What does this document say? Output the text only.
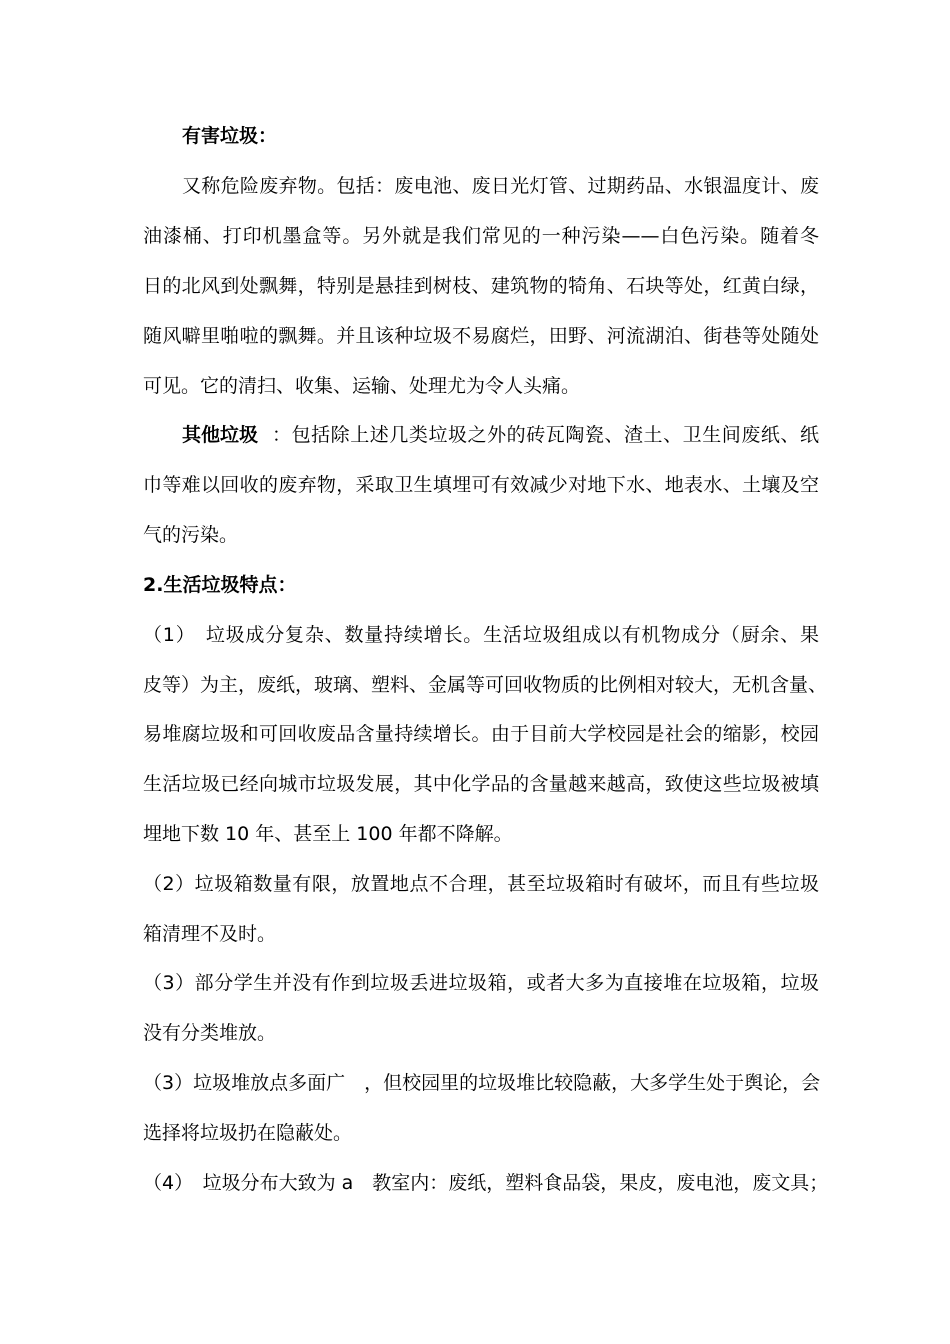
有害垃圾：
又称危险废弃物。包括：废电池、废日光灯管、过期药品、水银温度计、废
油漆桶、打印机墨盒等。另外就是我们常见的一种污染——白色污染。随着冬
日的北风到处飘舞，特别是悬挂到树枝、建筑物的犄角、石块等处，红黄白绿，
随风噼里啪啦的飘舞。并且该种垃圾不易腐烂，田野、河流湖泊、街巷等处随处
可见。它的清扫、收集、运输、处理尤为令人头痛。
其他垃圾 ：包括除上述几类垃圾之外的砖瓦陶瓷、渣土、卫生间废纸、纸
巾等难以回收的废弃物，采取卫生填埋可有效减少对地下水、地表水、土壤及空
气的污染。
2.生活垃圾特点：
（1）　垃圾成分复杂、数量持续增长。生活垃圾组成以有机物成分（厨余、果
皮等）为主，废纸，玻璃、塑料、金属等可回收物质的比例相对较大，无机含量、
易堆腐垃圾和可回收废品含量持续增长。由于目前大学校园是社会的缩影，校园
生活垃圾已经向城市垃圾发展，其中化学品的含量越来越高，致使这些垃圾被填
埋地下数 10 年、甚至上 100 年都不降解。
（2）垃圾箱数量有限，放置地点不合理，甚至垃圾箱时有破坏，而且有些垃圾
箱清理不及时。
（3）部分学生并没有作到垃圾丢进垃圾箱，或者大多为直接堆在垃圾箱，垃圾
没有分类堆放。
（3）垃圾堆放点多面广　，但校园里的垃圾堆比较隐蔽，大多学生处于舆论，会
选择将垃圾扔在隐蔽处。
（4）　垃圾分布大致为 a　教室内：废纸，塑料食品袋，果皮，废电池，废文具；
